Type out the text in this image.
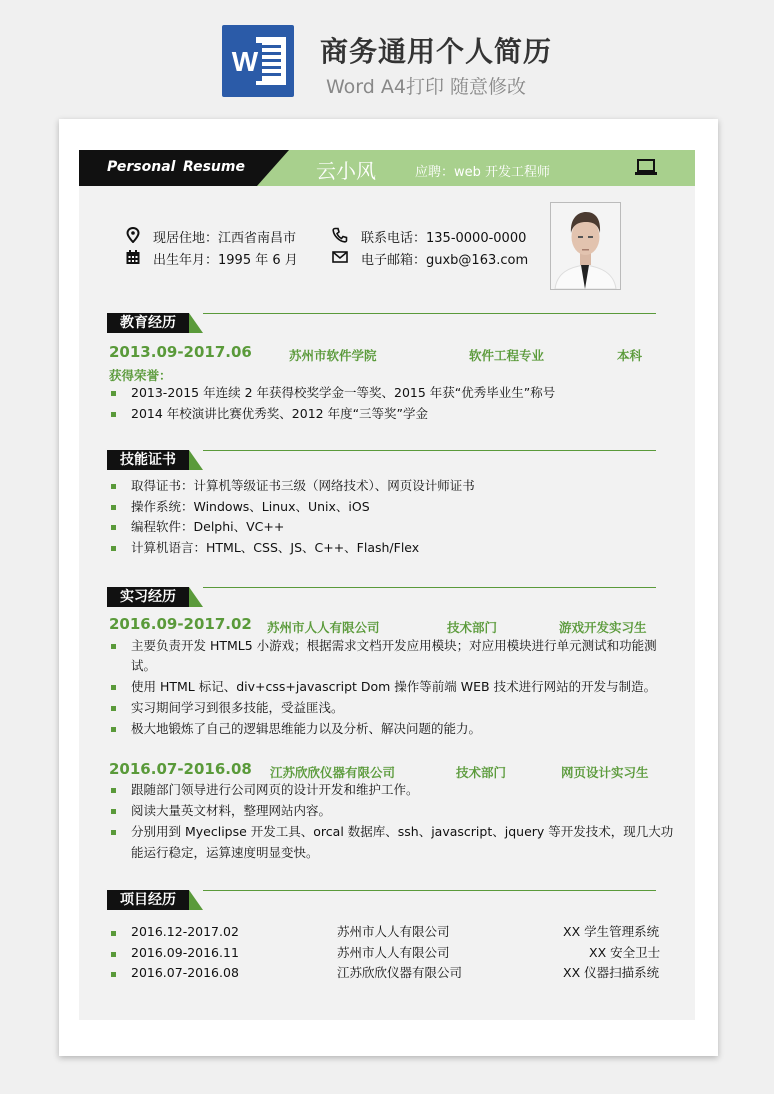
W 商务通用个人简历
Word A4打印 随意修改
Personal Resume	云小风	应聘：web 开发工程师
现居住地：江西省南昌市
出生年月：1995 年 6 月
联系电话：135-0000-0000
电子邮箱：guxb@163.com
教育经历
2013.09-2017.06	苏州市软件学院	软件工程专业	本科
获得荣誉：
2013-2015 年连续 2 年获得校奖学金一等奖、2015 年获“优秀毕业生”称号
2014 年校演讲比赛优秀奖、2012 年度“三等奖”学金
技能证书
取得证书：计算机等级证书三级（网络技术）、网页设计师证书
操作系统：Windows、Linux、Unix、iOS
编程软件：Delphi、VC++
计算机语言：HTML、CSS、JS、C++、Flash/Flex
实习经历
2016.09-2017.02 苏州市人人有限公司	技术部门	游戏开发实习生
主要负责开发 HTML5 小游戏；根据需求文档开发应用模块；对应用模块进行单元测试和功能测
试。
使用 HTML 标记、div+css+javascript Dom 操作等前端 WEB 技术进行网站的开发与制造。
实习期间学习到很多技能，受益匪浅。
极大地锻炼了自己的逻辑思维能力以及分析、解决问题的能力。
2016.07-2016.08 江苏欣欣仪器有限公司	技术部门	网页设计实习生
跟随部门领导进行公司网页的设计开发和维护工作。
阅读大量英文材料，整理网站内容。
分别用到 Myeclipse 开发工具、orcal 数据库、ssh、javascript、jquery 等开发技术，现几大功
能运行稳定，运算速度明显变快。
项目经历
2016.12-2017.02	苏州市人人有限公司	XX 学生管理系统
2016.09-2016.11	苏州市人人有限公司	XX 安全卫士
2016.07-2016.08	江苏欣欣仪器有限公司	XX 仪器扫描系统
